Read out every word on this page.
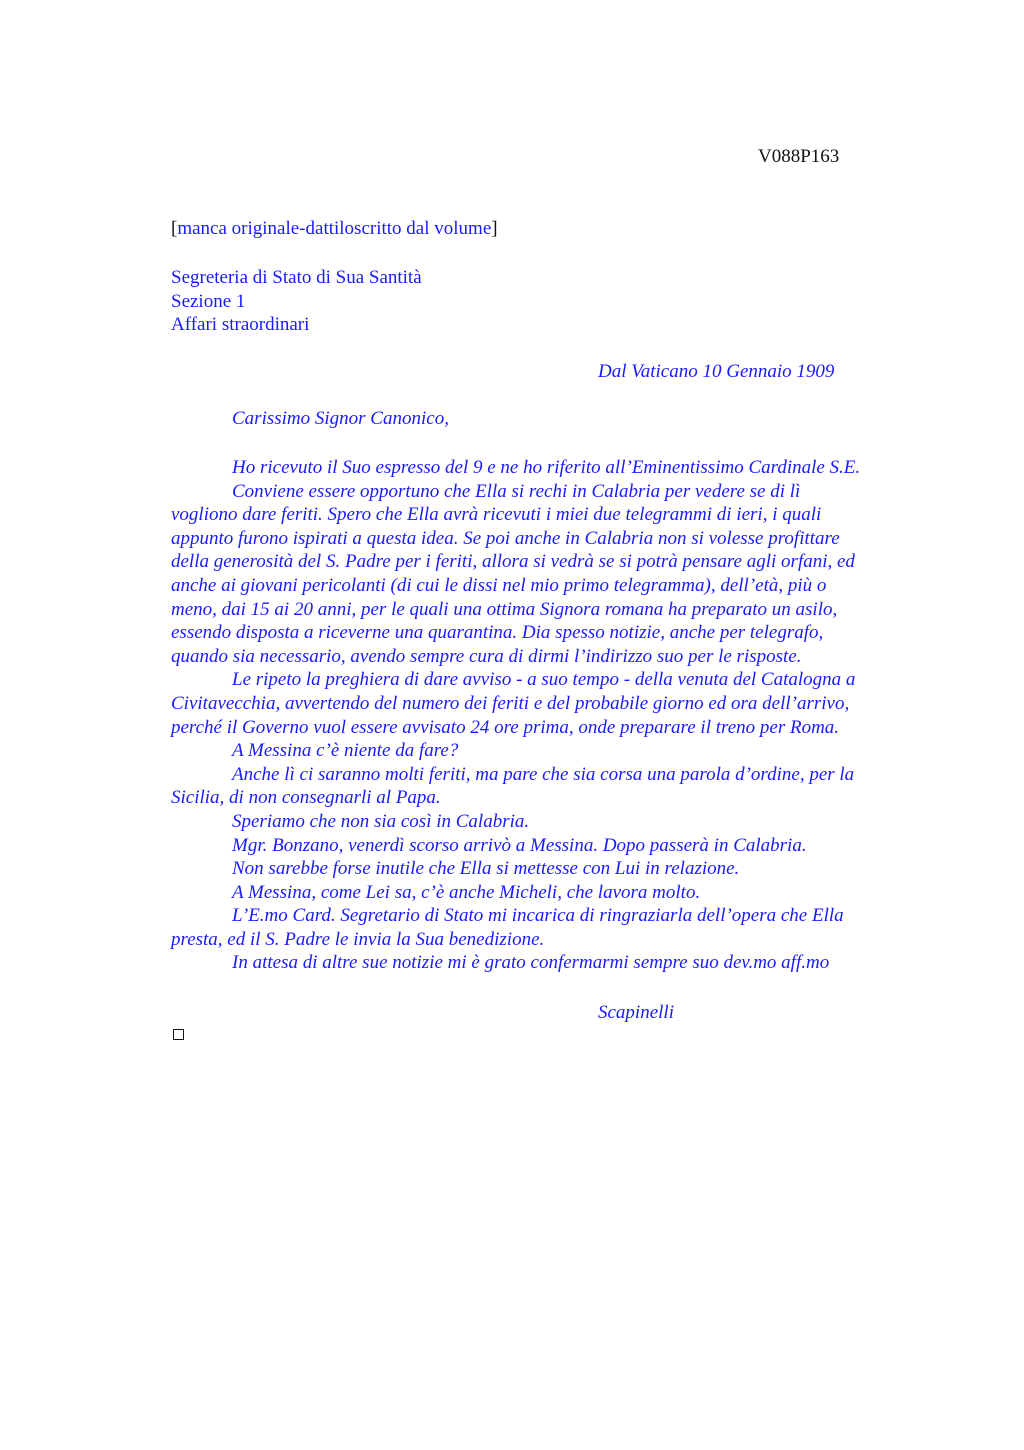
V088P163
[manca originale-dattiloscritto dal volume]
Segreteria di Stato di Sua Santità
Sezione 1
Affari straordinari
Dal Vaticano 10 Gennaio 1909
Carissimo Signor Canonico,

Ho ricevuto il Suo espresso del 9 e ne ho riferito all’Eminentissimo Cardinale S.E.

Conviene essere opportuno che Ella si rechi in Calabria per vedere se di lì
vogliono dare feriti. Spero che Ella avrà ricevuti i miei due telegrammi di ieri, i quali
appunto furono ispirati a questa idea. Se poi anche in Calabria non si volesse profittare
della generosità del S. Padre per i feriti, allora si vedrà se si potrà pensare agli orfani, ed
anche ai giovani pericolanti (di cui le dissi nel mio primo telegramma), dell’età, più o
meno, dai 15 ai 20 anni, per le quali una ottima Signora romana ha preparato un asilo,
essendo disposta a riceverne una quarantina. Dia spesso notizie, anche per telegrafo,
quando sia necessario, avendo sempre cura di dirmi l’indirizzo suo per le risposte.

Le ripeto la preghiera di dare avviso - a suo tempo - della venuta del Catalogna a
Civitavecchia, avvertendo del numero dei feriti e del probabile giorno ed ora dell’arrivo,
perché il Governo vuol essere avvisato 24 ore prima, onde preparare il treno per Roma.

A Messina c’è niente da fare?

Anche lì ci saranno molti feriti, ma pare che sia corsa una parola d’ordine, per la
Sicilia, di non consegnarli al Papa.

Speriamo che non sia così in Calabria.

Mgr. Bonzano, venerdì scorso arrivò a Messina. Dopo passerà in Calabria.

Non sarebbe forse inutile che Ella si mettesse con Lui in relazione.

A Messina, come Lei sa, c’è anche Micheli, che lavora molto.

L’E.mo Card. Segretario di Stato mi incarica di ringraziarla dell’opera che Ella
presta, ed il S. Padre le invia la Sua benedizione.

In attesa di altre sue notizie mi è grato confermarmi sempre suo dev.mo aff.mo

Scapinelli
